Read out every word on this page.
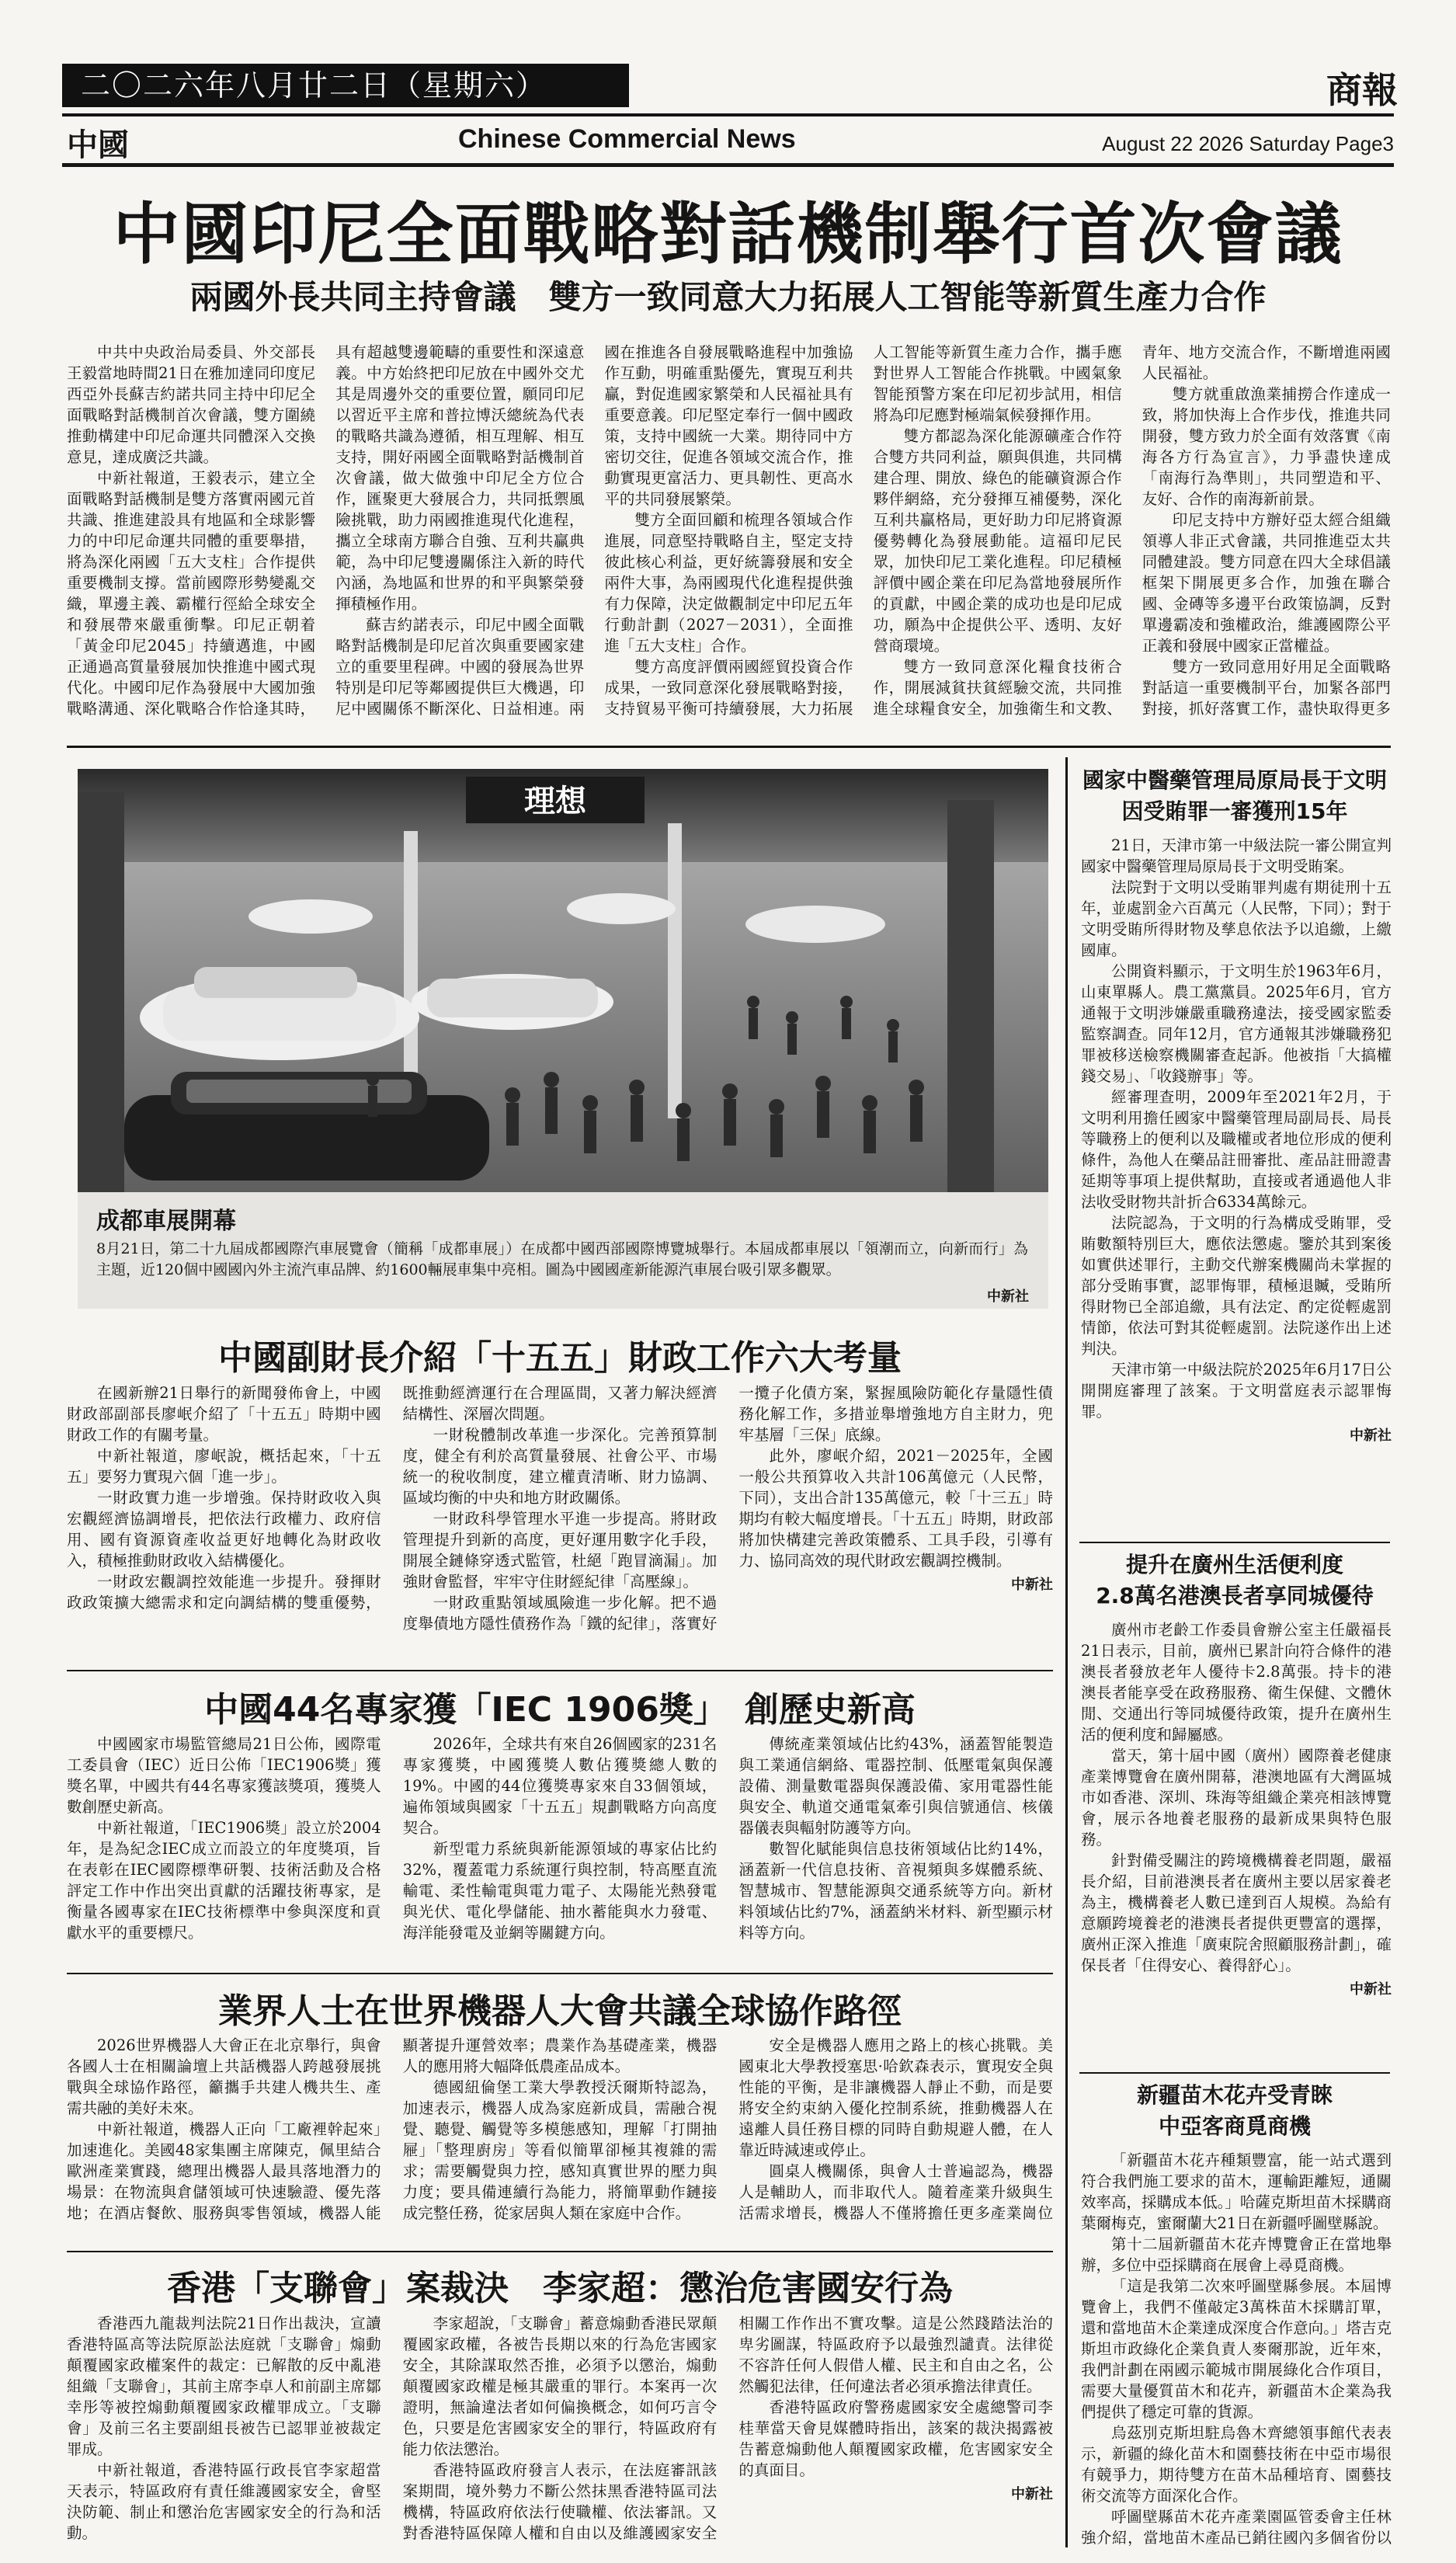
二〇二六年八月廿二日（星期六）	商報
中國	Chinese Commercial News	August 22 2026 Saturday Page3
中國印尼全面戰略對話機制舉行首次會議
兩國外長共同主持會議　雙方一致同意大力拓展人工智能等新質生產力合作

中共中央政治局委員、外交部長王毅當地時間21日在雅加達同印度尼西亞外長蘇吉約諾共同主持中印尼全面戰略對話機制首次會議，雙方圍繞推動構建中印尼命運共同體深入交換意見，達成廣泛共識。

中新社報道，王毅表示，建立全面戰略對話機制是雙方落實兩國元首共識、推進建設具有地區和全球影響力的中印尼命運共同體的重要舉措，將為深化兩國「五大支柱」合作提供重要機制支撐。當前國際形勢變亂交織，單邊主義、霸權行徑給全球安全和發展帶來嚴重衝擊。印尼正朝着「黃金印尼2045」持續邁進，中國正通過高質量發展加快推進中國式現代化。中國印尼作為發展中大國加強戰略溝通、深化戰略合作恰逢其時，具有超越雙邊範疇的重要性和深遠意義。中方始終把印尼放在中國外交尤其是周邊外交的重要位置，願同印尼以習近平主席和普拉博沃總統為代表的戰略共識為遵循，相互理解、相互支持，開好兩國全面戰略對話機制首次會議，做大做強中印尼全方位合作，匯聚更大發展合力，共同抵禦風險挑戰，助力兩國推進現代化進程，攜立全球南方聯合自強、互利共贏典範，為中印尼雙邊關係注入新的時代內涵，為地區和世界的和平與繁榮發揮積極作用。

蘇吉約諾表示，印尼中國全面戰略對話機制是印尼首次與重要國家建立的重要里程碑。中國的發展為世界特別是印尼等鄰國提供巨大機遇，印尼中國關係不斷深化、日益相連。兩國在推進各自發展戰略進程中加強協作互動，明確重點優先，實現互利共贏，對促進國家繁榮和人民福祉具有重要意義。印尼堅定奉行一個中國政策，支持中國統一大業。期待同中方密切交往，促進各領域交流合作，推動實現更富活力、更具韌性、更高水平的共同發展繁榮。

雙方全面回顧和梳理各領域合作進展，同意堅持戰略自主，堅定支持彼此核心利益，更好統籌發展和安全兩件大事，為兩國現代化進程提供強有力保障，決定做觀制定中印尼五年行動計劃（2027－2031），全面推進「五大支柱」合作。

雙方高度評價兩國經貿投資合作成果，一致同意深化發展戰略對接，支持貿易平衡可持續發展，大力拓展人工智能等新質生產力合作，攜手應對世界人工智能合作挑戰。中國氣象智能預警方案在印尼初步試用，相信將為印尼應對極端氣候發揮作用。

雙方都認為深化能源礦產合作符合雙方共同利益，願與俱進，共同構建合理、開放、綠色的能礦資源合作夥伴網絡，充分發揮互補優勢，深化互利共贏格局，更好助力印尼將資源優勢轉化為發展動能。這福印尼民眾，加快印尼工業化進程。印尼積極評價中國企業在印尼為當地發展所作的貢獻，中國企業的成功也是印尼成功，願為中企提供公平、透明、友好營商環境。

雙方一致同意深化糧食技術合作，開展減貧扶貧經驗交流，共同推進全球糧食安全，加強衛生和文教、青年、地方交流合作，不斷增進兩國人民福祉。

雙方就重啟漁業捕撈合作達成一致，將加快海上合作步伐，推進共同開發，雙方致力於全面有效落實《南海各方行為宣言》，力爭盡快達成「南海行為準則」，共同塑造和平、友好、合作的南海新前景。

印尼支持中方辦好亞太經合組織領導人非正式會議，共同推進亞太共同體建設。雙方同意在四大全球倡議框架下開展更多合作，加強在聯合國、金磚等多邊平台政策協調，反對單邊霸凌和強權政治，維護國際公平正義和發展中國家正當權益。

雙方一致同意用好用足全面戰略對話這一重要機制平台，加緊各部門對接，抓好落實工作，盡快取得更多

理想
成都車展開幕
8月21日，第二十九屆成都國際汽車展覽會（簡稱「成都車展」）在成都中國西部國際博覽城舉行。本屆成都車展以「領潮而立，向新而行」為主題，近120個中國國內外主流汽車品牌、約1600輛展車集中亮相。圖為中國國產新能源汽車展台吸引眾多觀眾。
中新社
中國副財長介紹「十五五」財政工作六大考量

在國新辦21日舉行的新聞發佈會上，中國財政部副部長廖岷介紹了「十五五」時期中國財政工作的有關考量。

中新社報道，廖岷說，概括起來，「十五五」要努力實現六個「進一步」。

一財政實力進一步增強。保持財政收入與宏觀經濟協調增長，把依法行政權力、政府信用、國有資源資產收益更好地轉化為財政收入，積極推動財政收入結構優化。

一財政宏觀調控效能進一步提升。發揮財政政策擴大總需求和定向調結構的雙重優勢，既推動經濟運行在合理區間，又著力解決經濟結構性、深層次問題。

一財稅體制改革進一步深化。完善預算制度，健全有利於高質量發展、社會公平、市場統一的稅收制度，建立權責清晰、財力協調、區域均衡的中央和地方財政關係。

一財政科學管理水平進一步提高。將財政管理提升到新的高度，更好運用數字化手段，開展全鏈條穿透式監管，杜絕「跑冒滴漏」。加強財會監督，牢牢守住財經紀律「高壓線」。

一財政重點領域風險進一步化解。把不過度舉債地方隱性債務作為「鐵的紀律」，落實好一攬子化債方案，緊握風險防範化存量隱性債務化解工作，多措並舉增強地方自主財力，兜牢基層「三保」底線。

此外，廖岷介紹，2021－2025年，全國一般公共預算收入共計106萬億元（人民幣，下同），支出合計135萬億元，較「十三五」時期均有較大幅度增長。「十五五」時期，財政部將加快構建完善政策體系、工具手段，引導有力、協同高效的現代財政宏觀調控機制。

中新社
中國44名專家獲「IEC 1906獎」　創歷史新高

中國國家市場監管總局21日公佈，國際電工委員會（IEC）近日公佈「IEC1906獎」獲獎名單，中國共有44名專家獲該獎項，獲獎人數創歷史新高。

中新社報道，「IEC1906獎」設立於2004年，是為紀念IEC成立而設立的年度獎項，旨在表彰在IEC國際標準研製、技術活動及合格評定工作中作出突出貢獻的活躍技術專家，是衡量各國專家在IEC技術標準中參與深度和貢獻水平的重要標尺。

2026年，全球共有來自26個國家的231名專家獲獎，中國獲獎人數佔獲獎總人數的19%。中國的44位獲獎專家來自33個領域，遍佈領域與國家「十五五」規劃戰略方向高度契合。

新型電力系統與新能源領域的專家佔比約32%，覆蓋電力系統運行與控制，特高壓直流輸電、柔性輸電與電力電子、太陽能光熱發電與光伏、電化學儲能、抽水蓄能與水力發電、海洋能發電及並網等關鍵方向。

傳統產業領域佔比約43%，涵蓋智能製造與工業通信網絡、電器控制、低壓電氣與保護設備、測量數電器與保護設備、家用電器性能與安全、軌道交通電氣牽引與信號通信、核儀器儀表與輻射防護等方向。

數智化賦能與信息技術領域佔比約14%，涵蓋新一代信息技術、音視頻與多媒體系統、智慧城市、智慧能源與交通系統等方向。新材料領域佔比約7%，涵蓋納米材料、新型顯示材料等方向。

業界人士在世界機器人大會共議全球協作路徑

2026世界機器人大會正在北京舉行，與會各國人士在相關論壇上共話機器人跨越發展挑戰與全球協作路徑，籲攜手共建人機共生、產需共融的美好未來。

中新社報道，機器人正向「工廠裡幹起來」加速進化。美國48家集團主席陳克，佩里結合歐洲產業實踐，總理出機器人最具落地潛力的場景：在物流與倉儲領域可快速驗證、優先落地；在酒店餐飲、服務與零售領域，機器人能顯著提升運營效率；農業作為基礎產業，機器人的應用將大幅降低農產品成本。

德國紐倫堡工業大學教授沃爾斯特認為，加速表示，機器人成為家庭新成員，需融合視覺、聽覺、觸覺等多模態感知，理解「打開抽屜」「整理廚房」等看似簡單卻極其複雜的需求；需要觸覺與力控，感知真實世界的壓力與力度；要具備連續行為能力，將簡單動作鏈接成完整任務，從家居與人類在家庭中合作。

安全是機器人應用之路上的核心挑戰。美國東北大學教授塞思·哈欽森表示，實現安全與性能的平衡，是非讓機器人靜止不動，而是要將安全約束納入優化控制系統，推動機器人在遠離人員任務目標的同時自動規避人體，在人靠近時減速或停止。

圓桌人機關係，與會人士普遍認為，機器人是輔助人，而非取代人。隨着產業升級與生活需求增長，機器人不僅將擔任更多產業崗位

香港「支聯會」案裁決　李家超：懲治危害國安行為

香港西九龍裁判法院21日作出裁決，宣讀香港特區高等法院原訟法庭就「支聯會」煽動顛覆國家政權案件的裁定：已解散的反中亂港組織「支聯會」，其前主席李卓人和前副主席鄒幸彤等被控煽動顛覆國家政權罪成立。「支聯會」及前三名主要副組長被告已認罪並被裁定罪成。

中新社報道，香港特區行政長官李家超當天表示，特區政府有責任維護國家安全，會堅決防範、制止和懲治危害國家安全的行為和活動。

李家超說，「支聯會」蓄意煽動香港民眾顛覆國家政權，各被告長期以來的行為危害國家安全，其除謀取然否推，必須予以懲治，煽動顛覆國家政權是極其嚴重的罪行。本案再一次證明，無論違法者如何偏換概念，如何巧言令色，只要是危害國家安全的罪行，特區政府有能力依法懲治。

香港特區政府發言人表示，在法庭審訊該案期間，境外勢力不斷公然抹黑香港特區司法機構，特區政府依法行使職權、依法審訊。又對香港特區保障人權和自由以及維護國家安全相關工作作出不實攻擊。這是公然踐踏法治的卑劣圖謀，特區政府予以最強烈譴責。法律從不容許任何人假借人權、民主和自由之名，公然觸犯法律，任何違法者必須承擔法律責任。

香港特區政府警務處國家安全處總警司李桂華當天會見媒體時指出，該案的裁決揭露被告蓄意煽動他人顛覆國家政權，危害國家安全的真面目。

中新社
國家中醫藥管理局原局長于文明
因受賄罪一審獲刑15年

21日，天津市第一中級法院一審公開宣判國家中醫藥管理局原局長于文明受賄案。

法院對于文明以受賄罪判處有期徒刑十五年，並處罰金六百萬元（人民幣，下同）；對于文明受賄所得財物及孳息依法予以追繳，上繳國庫。

公開資料顯示，于文明生於1963年6月，山東單縣人。農工黨黨員。2025年6月，官方通報于文明涉嫌嚴重職務違法，接受國家監委監察調查。同年12月，官方通報其涉嫌職務犯罪被移送檢察機關審查起訴。他被指「大搞權錢交易」、「收錢辦事」等。

經審理查明，2009年至2021年2月，于文明利用擔任國家中醫藥管理局副局長、局長等職務上的便利以及職權或者地位形成的便利條件，為他人在藥品註冊審批、產品註冊證書延期等事項上提供幫助，直接或者通過他人非法收受財物共計折合6334萬餘元。

法院認為，于文明的行為構成受賄罪，受賄數額特別巨大，應依法懲處。鑒於其到案後如實供述罪行，主動交代辦案機關尚未掌握的部分受賄事實，認罪悔罪，積極退贓，受賄所得財物已全部追繳，具有法定、酌定從輕處罰情節，依法可對其從輕處罰。法院遂作出上述判決。

天津市第一中級法院於2025年6月17日公開開庭審理了該案。于文明當庭表示認罪悔罪。

中新社
提升在廣州生活便利度
2.8萬名港澳長者享同城優待

廣州市老齡工作委員會辦公室主任嚴福長21日表示，目前，廣州已累計向符合條件的港澳長者發放老年人優待卡2.8萬張。持卡的港澳長者能享受在政務服務、衛生保健、文體休閒、交通出行等同城優待政策，提升在廣州生活的便利度和歸屬感。

當天，第十屆中國（廣州）國際養老健康產業博覽會在廣州開幕，港澳地區有大灣區城市如香港、深圳、珠海等組織企業亮相該博覽會，展示各地養老服務的最新成果與特色服務。

針對備受關注的跨境機構養老問題，嚴福長介紹，目前港澳長者在廣州主要以居家養老為主，機構養老人數已達到百人規模。為給有意願跨境養老的港澳長者提供更豐富的選擇，廣州正深入推進「廣東院舍照顧服務計劃」，確保長者「住得安心、養得舒心」。

中新社
新疆苗木花卉受青睞
中亞客商覓商機

「新疆苗木花卉種類豐富，能一站式選到符合我們施工要求的苗木，運輸距離短，通關效率高，採購成本低。」哈薩克斯坦苗木採購商葉爾梅克，蜜爾蘭大21日在新疆呼圖壁縣說。

第十二屆新疆苗木花卉博覽會正在當地舉辦，多位中亞採購商在展會上尋覓商機。

「這是我第二次來呼圖壁縣參展。本屆博覽會上，我們不僅敲定3萬株苗木採購訂單，還和當地苗木企業達成深度合作意向。」塔吉克斯坦市政綠化企業負責人麥爾那說，近年來，我們計劃在兩國示範城市開展綠化合作項目，需要大量優質苗木和花卉，新疆苗木企業為我們提供了穩定可靠的貨源。

烏茲別克斯坦駐烏魯木齊總領事館代表表示，新疆的綠化苗木和園藝技術在中亞市場很有競爭力，期待雙方在苗木品種培育、園藝技術交流等方面深化合作。

呼圖壁縣苗木花卉產業園區管委會主任林強介紹，當地苗木產品已銷往國內多個省份以
